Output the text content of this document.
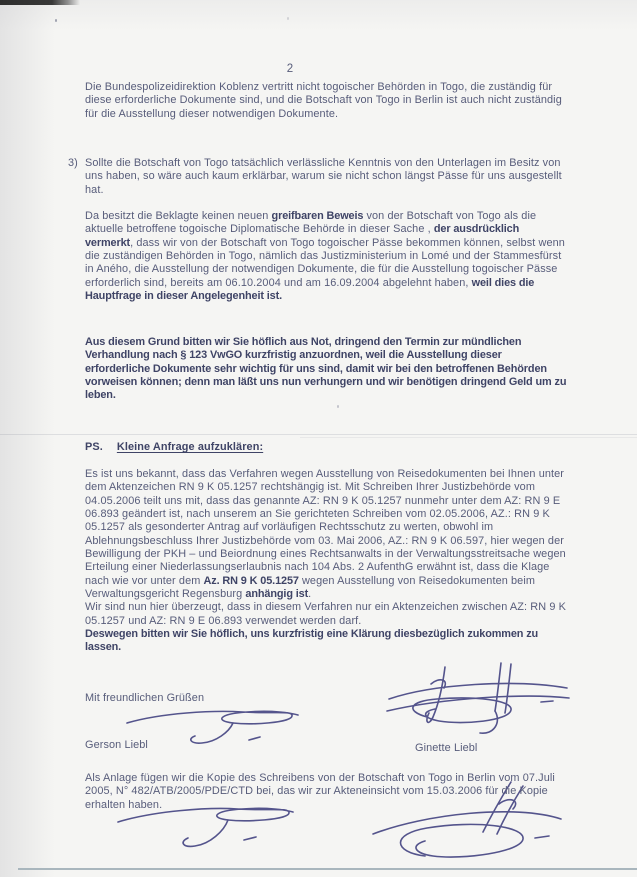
2
Die Bundespolizeidirektion Koblenz vertritt nicht togoischer Behörden in Togo, die zuständig für diese erforderliche Dokumente sind, und die Botschaft von Togo in Berlin ist auch nicht zuständig für die Ausstellung dieser notwendigen Dokumente.
3) Sollte die Botschaft von Togo tatsächlich verlässliche Kenntnis von den Unterlagen im Besitz von uns haben, so wäre auch kaum erklärbar, warum sie nicht schon längst Pässe für uns ausgestellt hat.
Da besitzt die Beklagte keinen neuen greifbaren Beweis von der Botschaft von Togo als die aktuelle betroffene togoische Diplomatische Behörde in dieser Sache , der ausdrücklich vermerkt, dass wir von der Botschaft von Togo togoischer Pässe bekommen können, selbst wenn die zuständigen Behörden in Togo, nämlich das Justizministerium in Lomé und der Stammesfürst in Aného, die Ausstellung der notwendigen Dokumente, die für die Ausstellung togoischer Pässe erforderlich sind, bereits am 06.10.2004 und am 16.09.2004 abgelehnt haben, weil dies die Hauptfrage in dieser Angelegenheit ist.
Aus diesem Grund bitten wir Sie höflich aus Not, dringend den Termin zur mündlichen Verhandlung nach § 123 VwGO kurzfristig anzuordnen, weil die Ausstellung dieser erforderliche Dokumente sehr wichtig für uns sind, damit wir bei den betroffenen Behörden vorweisen können; denn man läßt uns nun verhungern und wir benötigen dringend Geld um zu leben.
PS. Kleine Anfrage aufzuklären:
Es ist uns bekannt, dass das Verfahren wegen Ausstellung von Reisedokumenten bei Ihnen unter dem Aktenzeichen RN 9 K 05.1257 rechtshängig ist. Mit Schreiben Ihrer Justizbehörde vom 04.05.2006 teilt uns mit, dass das genannte AZ: RN 9 K 05.1257 nunmehr unter dem AZ: RN 9 E 06.893 geändert ist, nach unserem an Sie gerichteten Schreiben vom 02.05.2006, AZ.: RN 9 K 05.1257 als gesonderter Antrag auf vorläufigen Rechtsschutz zu werten, obwohl im Ablehnungsbeschluss Ihrer Justizbehörde vom 03. Mai 2006, AZ.: RN 9 K 06.597, hier wegen der Bewilligung der PKH – und Beiordnung eines Rechtsanwalts in der Verwaltungsstreitsache wegen Erteilung einer Niederlassungserlaubnis nach 104 Abs. 2 AufenthG erwähnt ist, dass die Klage nach wie vor unter dem Az. RN 9 K 05.1257 wegen Ausstellung von Reisedokumenten beim Verwaltungsgericht Regensburg anhängig ist.
Wir sind nun hier überzeugt, dass in diesem Verfahren nur ein Aktenzeichen zwischen AZ: RN 9 K 05.1257 und AZ: RN 9 E 06.893 verwendet werden darf.
Deswegen bitten wir Sie höflich, uns kurzfristig eine Klärung diesbezüglich zukommen zu lassen.
Mit freundlichen Grüßen
Gerson Liebl	Ginette Liebl
Als Anlage fügen wir die Kopie des Schreibens von der Botschaft von Togo in Berlin vom 07.Juli 2005, N° 482/ATB/2005/PDE/CTD bei, das wir zur Akteneinsicht vom 15.03.2006 für die Kopie erhalten haben.
